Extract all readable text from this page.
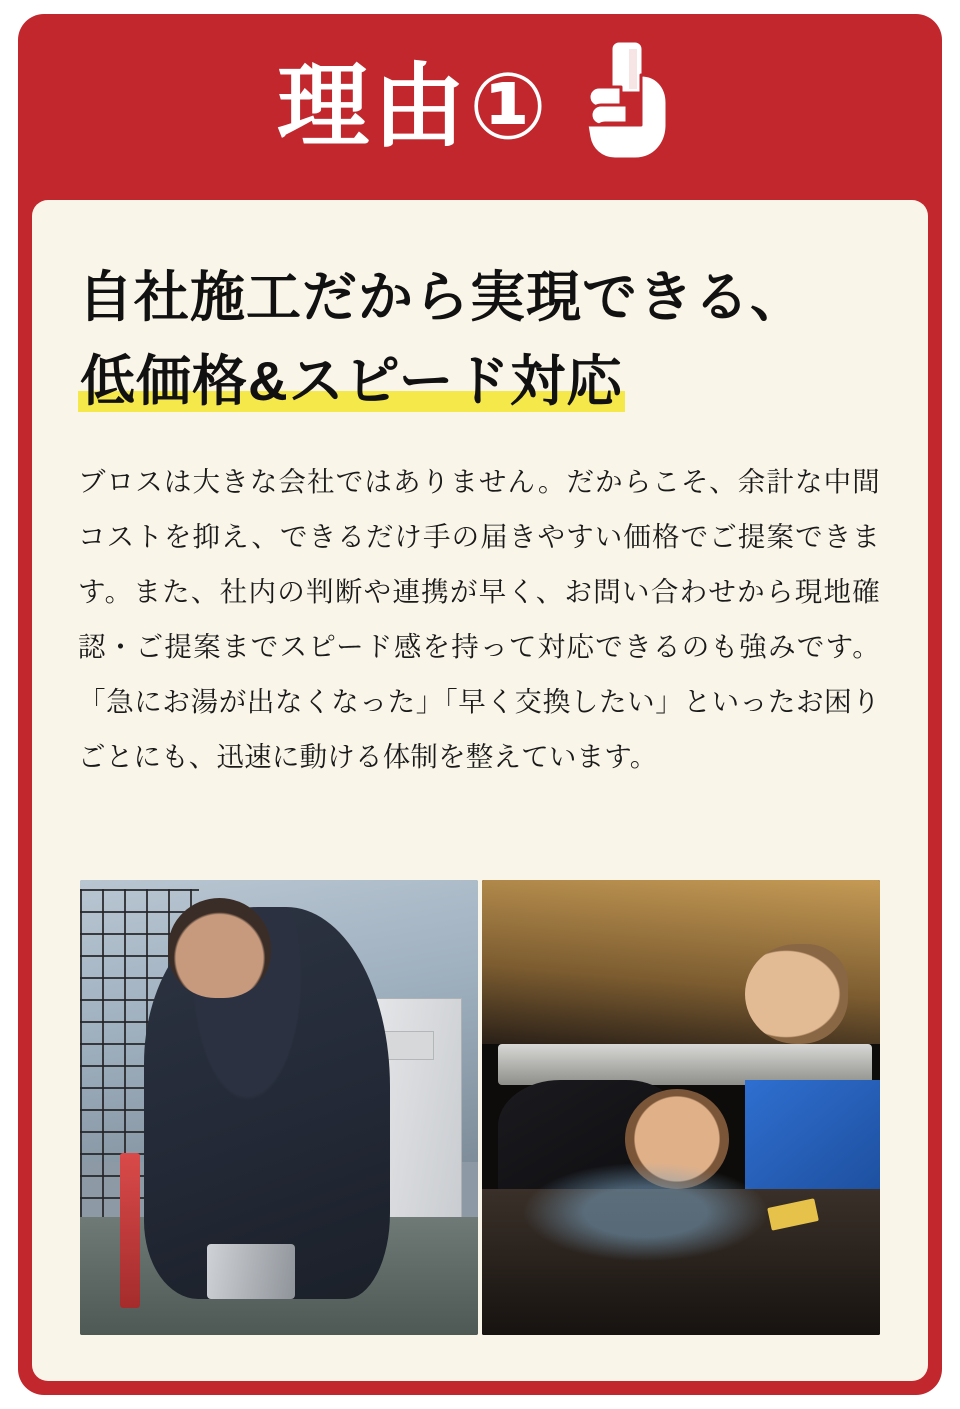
理由①
自社施工だから実現できる、
低価格&スピード対応

ブロスは大きな会社ではありません。だからこそ、余計な中間コストを抑え、できるだけ手の届きやすい価格でご提案できます。また、社内の判断や連携が早く、お問い合わせから現地確認・ご提案までスピード感を持って対応できるのも強みです。「急にお湯が出なくなった」「早く交換したい」といったお困りごとにも、迅速に動ける体制を整えています。
